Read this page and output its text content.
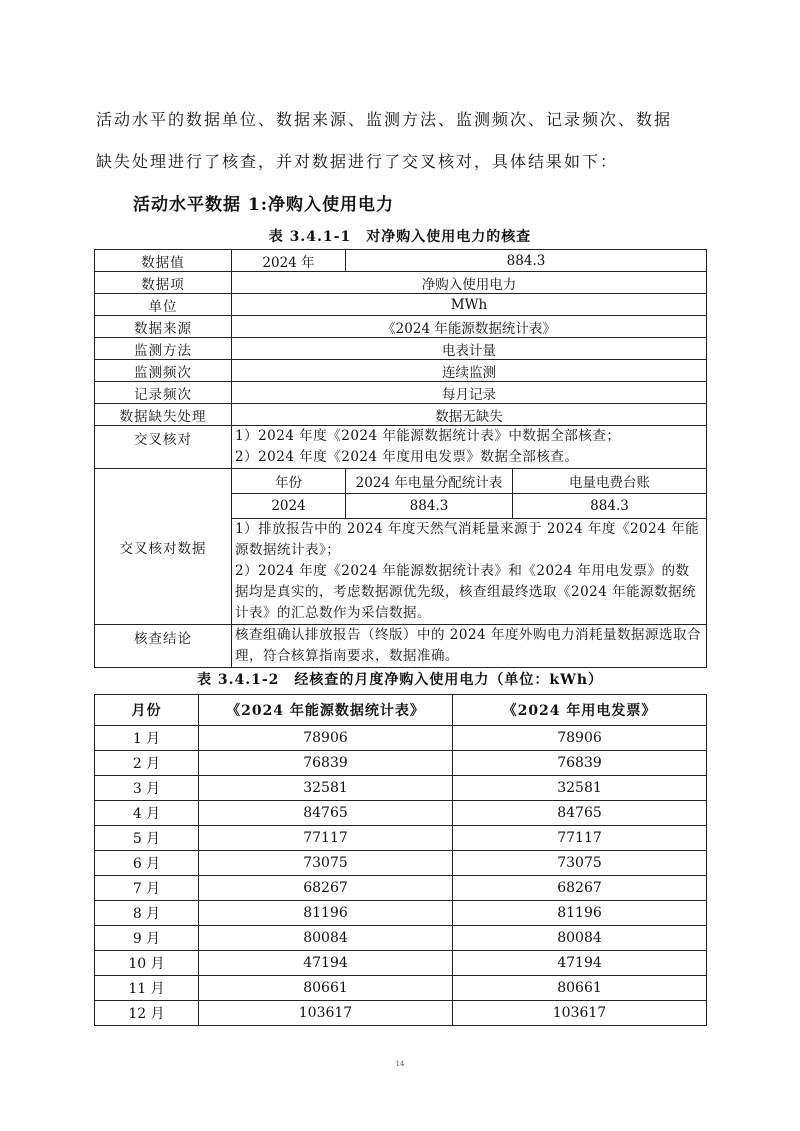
活动水平的数据单位、数据来源、监测方法、监测频次、记录频次、数据

缺失处理进行了核查，并对数据进行了交叉核对，具体结果如下：

活动水平数据 1:净购入使用电力

表 3.4.1-1　对净购入使用电力的核查

数据值	2024 年	884.3	
数据项	净购入使用电力		
单位	MWh		
数据来源	《2024 年能源数据统计表》		
监测方法	电表计量		
监测频次	连续监测		
记录频次	每月记录		
数据缺失处理	数据无缺失		
交叉核对	1）2024 年度《2024 年能源数据统计表》中数据全部核查；
2）2024 年度《2024 年度用电发票》数据全部核查。		

交叉核对数据	年份	2024 年电量分配统计表	电量电费台账
	2024	884.3	884.3

	1）排放报告中的 2024 年度天然气消耗量来源于 2024 年度《2024 年能源数据统计表》；
2）2024 年度《2024 年能源数据统计表》和《2024 年用电发票》的数据均是真实的，考虑数据源优先级，核查组最终选取《2024 年能源数据统计表》的汇总数作为采信数据。		

核查结论	核查组确认排放报告（终版）中的 2024 年度外购电力消耗量数据源选取合理，符合核算指南要求，数据准确。		

表 3.4.1-2　经核查的月度净购入使用电力（单位：kWh）

月份	《2024 年能源数据统计表》	《2024 年用电发票》
1 月	78906	78906
2 月	76839	76839
3 月	32581	32581
4 月	84765	84765
5 月	77117	77117
6 月	73075	73075
7 月	68267	68267
8 月	81196	81196
9 月	80084	80084
10 月	47194	47194
11 月	80661	80661
12 月	103617	103617
14
